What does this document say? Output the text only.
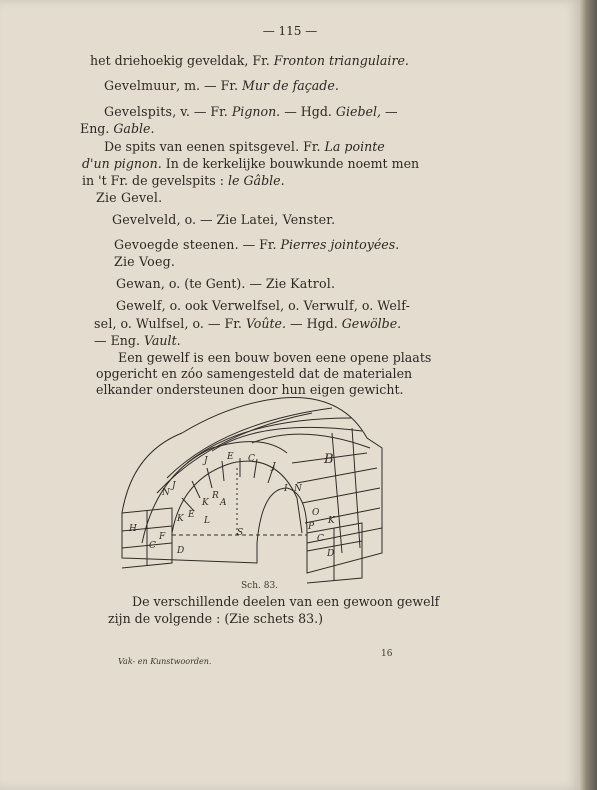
— 115 —
het driehoekig geveldak, Fr. Fronton triangulaire.
Gevelmuur, m. — Fr. Mur de façade.
Gevelspits, v. — Fr. Pignon. — Hgd. Giebel, —
Eng. Gable.
De spits van eenen spitsgevel. Fr. La pointe
d'un pignon. In de kerkelijke bouwkunde noemt men
in 't Fr. de gevelspits : le Gâble.
Zie Gevel.
Gevelveld, o. — Zie Latei, Venster.
Gevoegde steenen. — Fr. Pierres jointoyées.
Zie Voeg.
Gewan, o. (te Gent). — Zie Katrol.
Gewelf, o. ook Verwelfsel, o. Verwulf, o. Welf-
sel, o. Wulfsel, o. — Fr. Voûte. — Hgd. Gewölbe.
— Eng. Vault.
Een gewelf is een bouw boven eene opene plaats
opgericht en zóo samengesteld dat de materialen
elkander ondersteunen door hun eigen gewicht.
J E C
J	B
N
J
R
K A
K E
L
I N
H
C
F
D
S
O
P
K
C
D
Sch. 83.
De verschillende deelen van een gewoon gewelf
zijn de volgende : (Zie schets 83.)
Vak- en Kunstwoorden.
16
